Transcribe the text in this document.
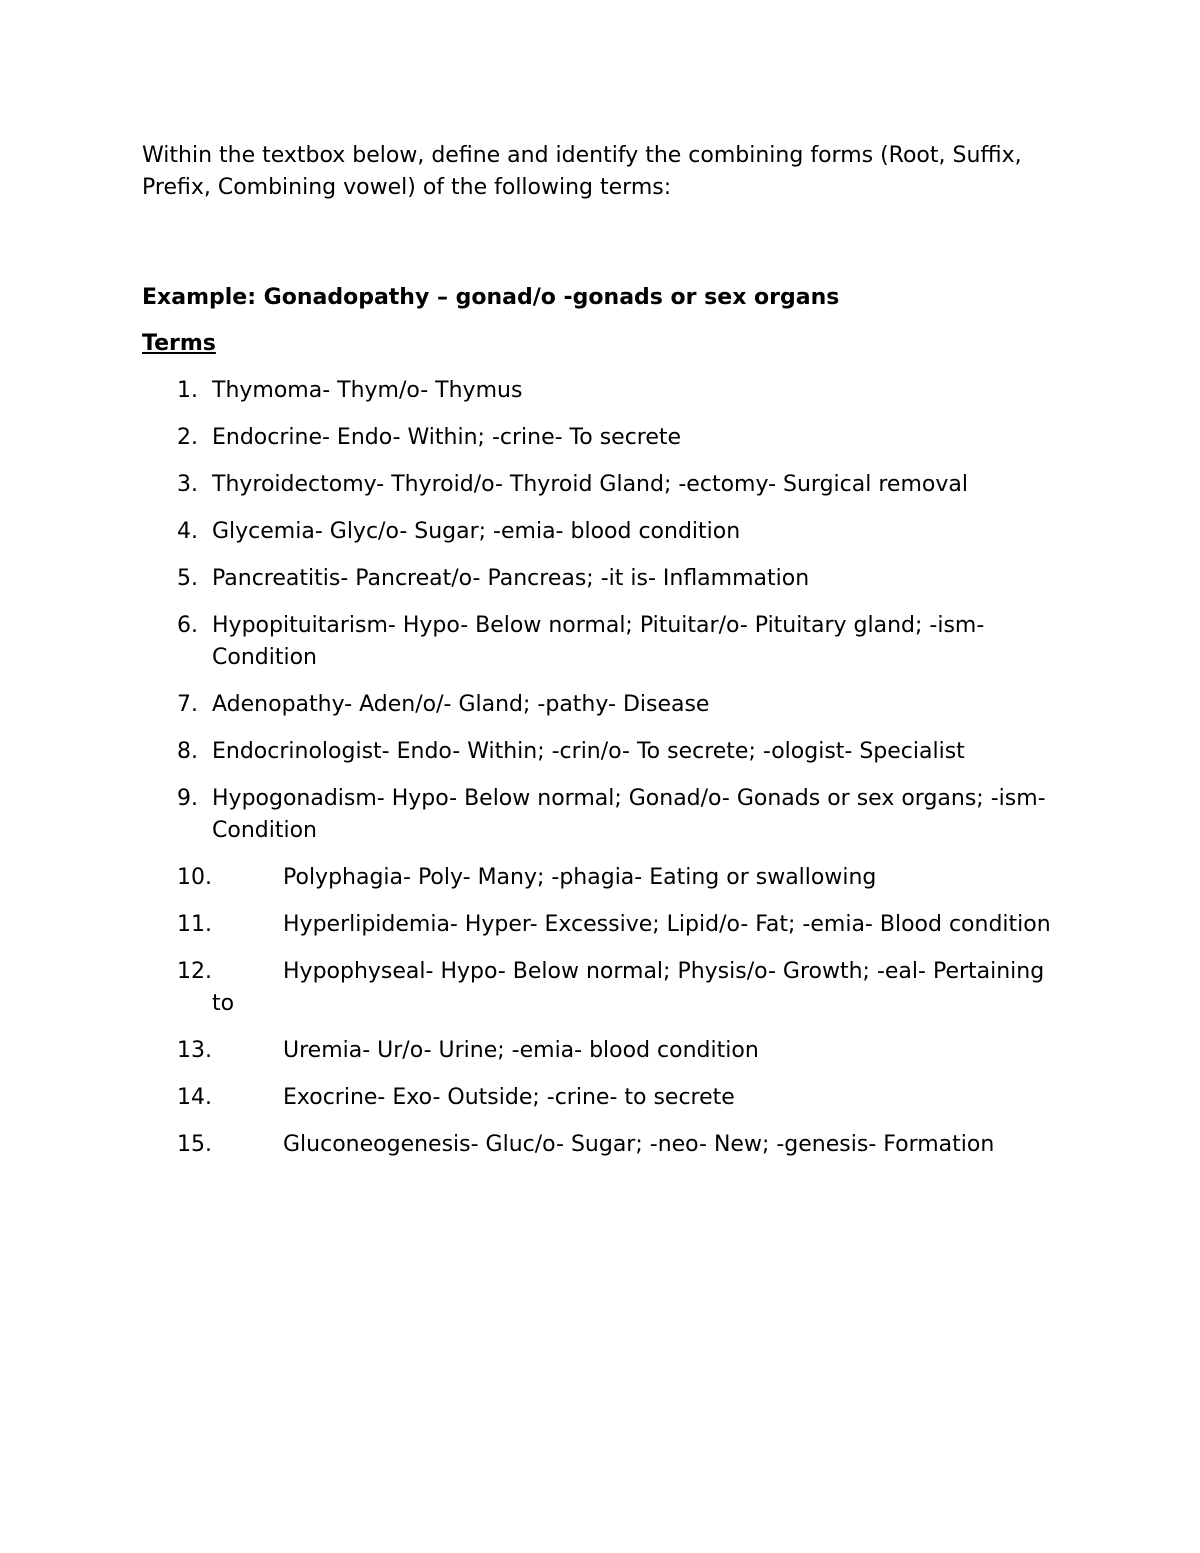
Within the textbox below, define and identify the combining forms (Root, Suffix, Prefix, Combining vowel) of the following terms:

Example: Gonadopathy – gonad/o -gonads or sex organs

Terms
1. Thymoma- Thym/o- Thymus
2. Endocrine- Endo- Within; -crine- To secrete
3. Thyroidectomy- Thyroid/o- Thyroid Gland; -ectomy- Surgical removal
4. Glycemia- Glyc/o- Sugar; -emia- blood condition
5. Pancreatitis- Pancreat/o- Pancreas; -it is- Inflammation
6. Hypopituitarism- Hypo- Below normal; Pituitar/o- Pituitary gland; -ism- Condition
7. Adenopathy- Aden/o/- Gland; -pathy- Disease
8. Endocrinologist- Endo- Within; -crin/o- To secrete; -ologist- Specialist
9. Hypogonadism- Hypo- Below normal; Gonad/o- Gonads or sex organs; -ism- Condition
10.	Polyphagia- Poly- Many; -phagia- Eating or swallowing
11.	Hyperlipidemia- Hyper- Excessive; Lipid/o- Fat; -emia- Blood condition
12.	Hypophyseal- Hypo- Below normal; Physis/o- Growth; -eal- Pertaining to
13.	Uremia- Ur/o- Urine; -emia- blood condition
14.	Exocrine- Exo- Outside; -crine- to secrete
15.	Gluconeogenesis- Gluc/o- Sugar; -neo- New; -genesis- Formation
